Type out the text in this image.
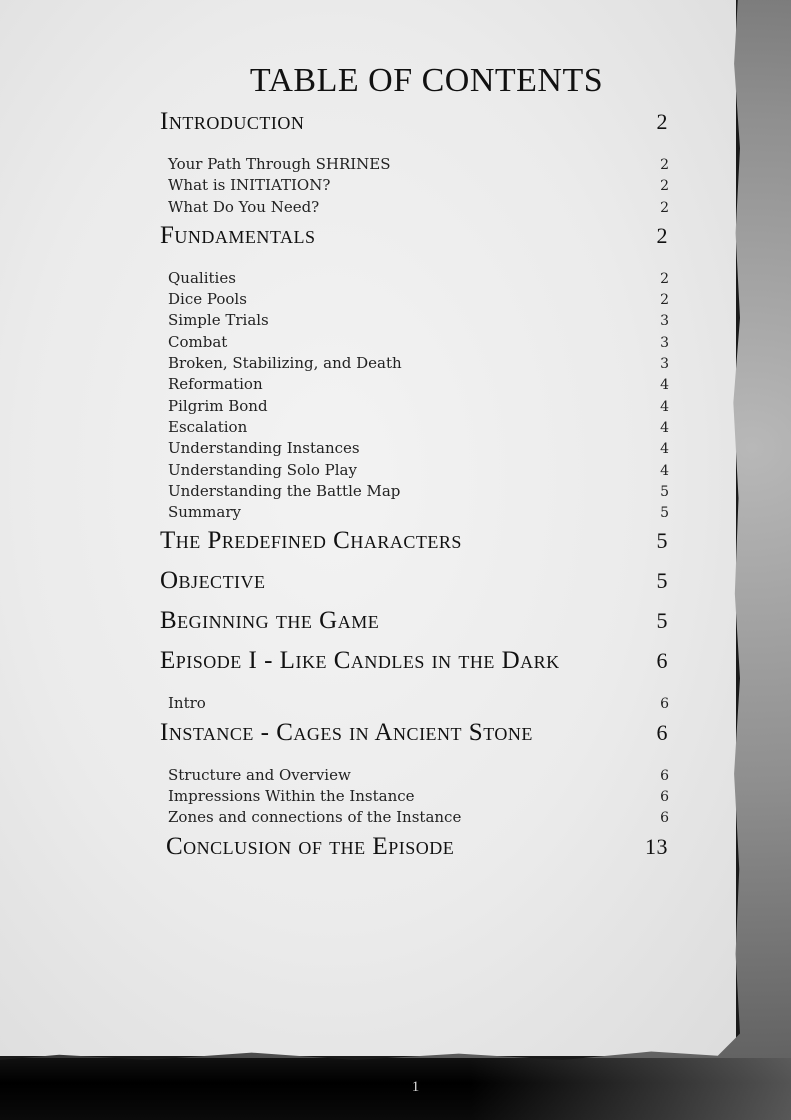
TABLE OF CONTENTS
Introduction	2
Your Path Through SHRINES	2
What is INITIATION?	2
What Do You Need?	2
Fundamentals	2
Qualities	2
Dice Pools	2
Simple Trials	3
Combat	3
Broken, Stabilizing, and Death	3
Reformation	4
Pilgrim Bond	4
Escalation	4
Understanding Instances	4
Understanding Solo Play	4
Understanding the Battle Map	5
Summary	5
The Predefined Characters	5
Objective	5
Beginning the Game	5
Episode I - Like Candles in the Dark	6
Intro	6
Instance - Cages in Ancient Stone	6
Structure and Overview	6
Impressions Within the Instance	6
Zones and connections of the Instance	6
Conclusion of the Episode	13
1
